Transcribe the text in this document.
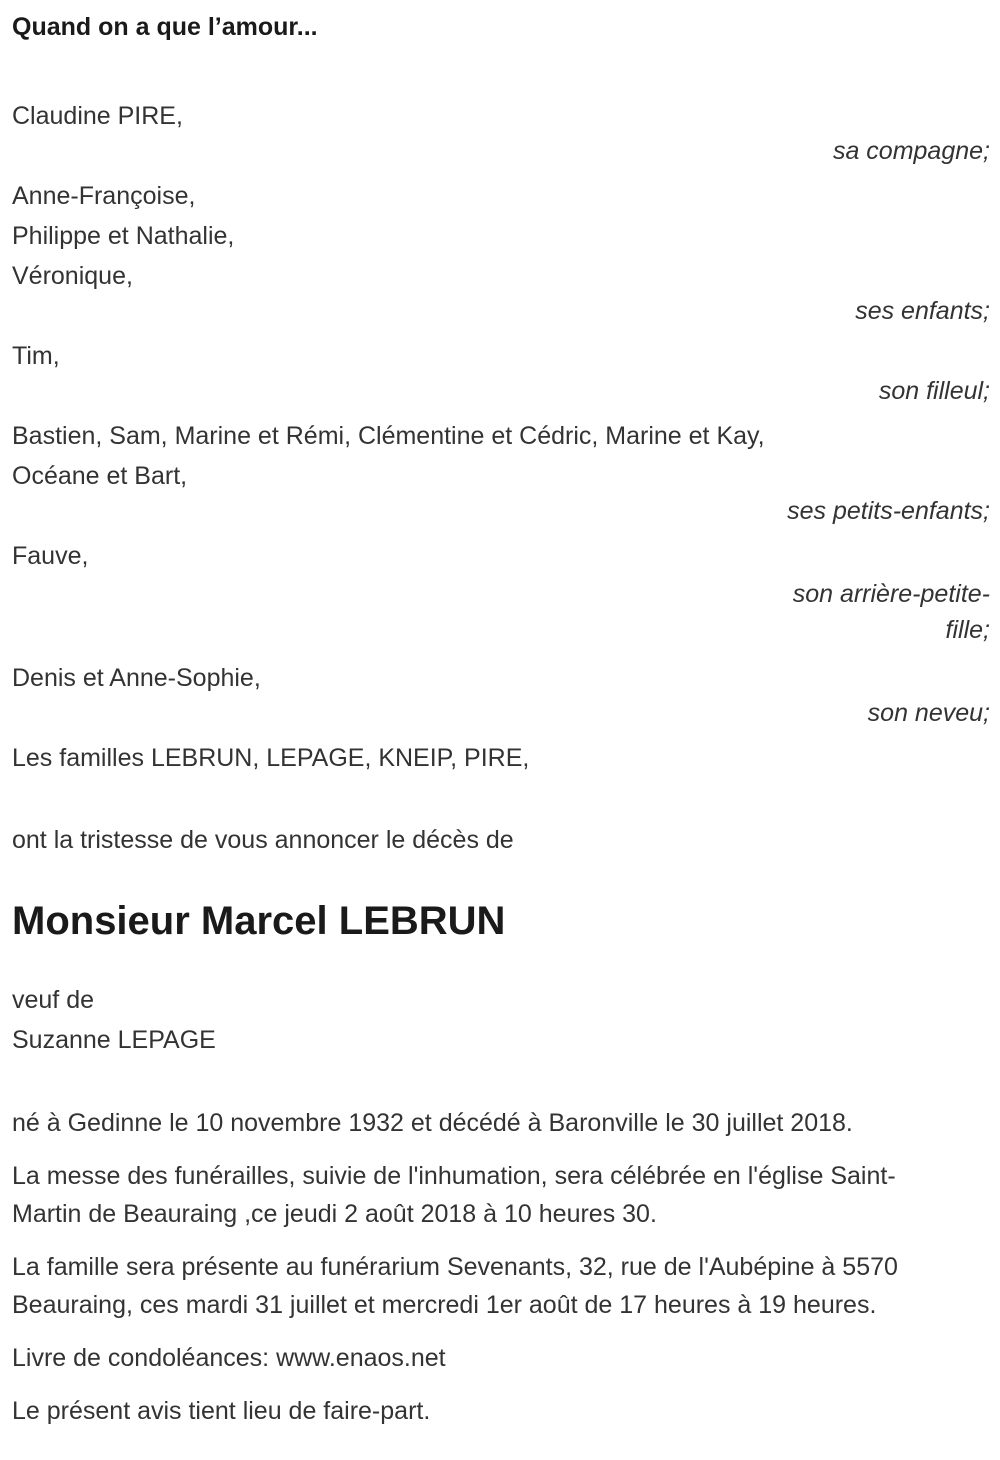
Quand on a que l’amour...
Claudine PIRE,
sa compagne;
Anne-Françoise,
Philippe et Nathalie,
Véronique,
ses enfants;
Tim,
son filleul;
Bastien, Sam, Marine et Rémi, Clémentine et Cédric, Marine et Kay,
Océane et Bart,
ses petits-enfants;
Fauve,
son arrière-petite-fille;
Denis et Anne-Sophie,
son neveu;
Les familles LEBRUN, LEPAGE, KNEIP, PIRE,
ont la tristesse de vous annoncer le décès de
Monsieur Marcel LEBRUN
veuf de
Suzanne LEPAGE

né à Gedinne le 10 novembre 1932 et décédé à Baronville le 30 juillet 2018.

La messe des funérailles, suivie de l'inhumation, sera célébrée en l'église Saint-Martin de Beauraing ,ce jeudi 2 août 2018 à 10 heures 30.

La famille sera présente au funérarium Sevenants, 32, rue de l'Aubépine à 5570 Beauraing, ces mardi 31 juillet et mercredi 1er août de 17 heures à 19 heures.

Livre de condoléances: www.enaos.net

Le présent avis tient lieu de faire-part.
